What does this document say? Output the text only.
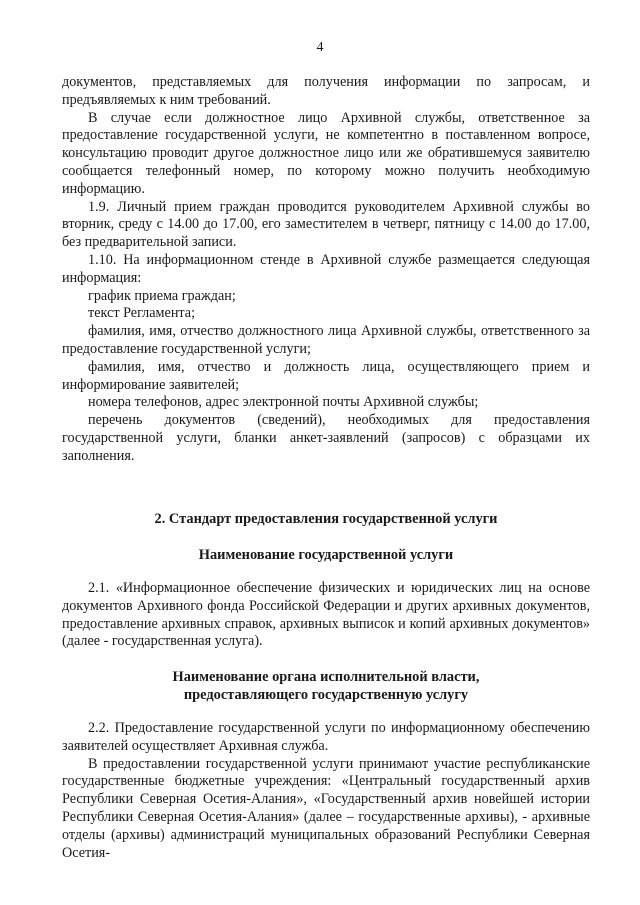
4

документов, представляемых для получения информации по запросам, и предъявляемых к ним требований.

В случае если должностное лицо Архивной службы, ответственное за предоставление государственной услуги, не компетентно в поставленном вопросе, консультацию проводит другое должностное лицо или же обратившемуся заявителю сообщается телефонный номер, по которому можно получить необходимую информацию.

1.9. Личный прием граждан проводится руководителем Архивной службы во вторник, среду с 14.00 до 17.00, его заместителем в четверг, пятницу с 14.00 до 17.00, без предварительной записи.

1.10. На информационном стенде в Архивной службе размещается следующая информация:

график приема граждан;

текст Регламента;

фамилия, имя, отчество должностного лица Архивной службы, ответственного за предоставление государственной услуги;

фамилия, имя, отчество и должность лица, осуществляющего прием и информирование заявителей;

номера телефонов, адрес электронной почты Архивной службы;

перечень документов (сведений), необходимых для предоставления государственной услуги, бланки анкет-заявлений (запросов) с образцами их заполнения.

2. Стандарт предоставления государственной услуги

Наименование государственной услуги

2.1. «Информационное обеспечение физических и юридических лиц на основе документов Архивного фонда Российской Федерации и других архивных документов, предоставление архивных справок, архивных выписок и копий архивных документов» (далее - государственная услуга).

Наименование органа исполнительной власти,
предоставляющего государственную услугу

2.2. Предоставление государственной услуги по информационному обеспечению заявителей осуществляет Архивная служба.

В предоставлении государственной услуги принимают участие республиканские государственные бюджетные учреждения: «Центральный государственный архив Республики Северная Осетия-Алания», «Государственный архив новейшей истории Республики Северная Осетия-Алания» (далее – государственные архивы), - архивные отделы (архивы) администраций муниципальных образований Республики Северная Осетия-
